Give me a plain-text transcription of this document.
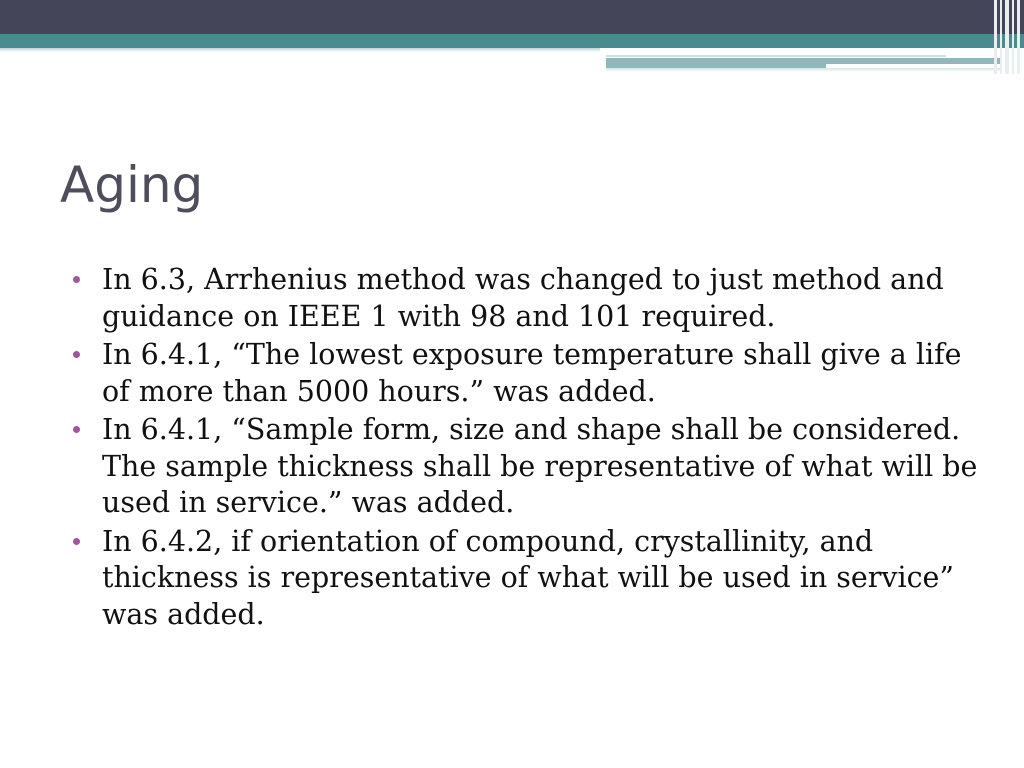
Aging
In 6.3, Arrhenius method was changed to just method and guidance on IEEE 1 with 98 and 101 required.
In 6.4.1, “The lowest exposure temperature shall give a life of more than 5000 hours.” was added.
In 6.4.1, “Sample form, size and shape shall be considered. The sample thickness shall be representative of what will be used in service.” was added.
In 6.4.2, if orientation of compound, crystallinity, and thickness is representative of what will be used in service” was added.
